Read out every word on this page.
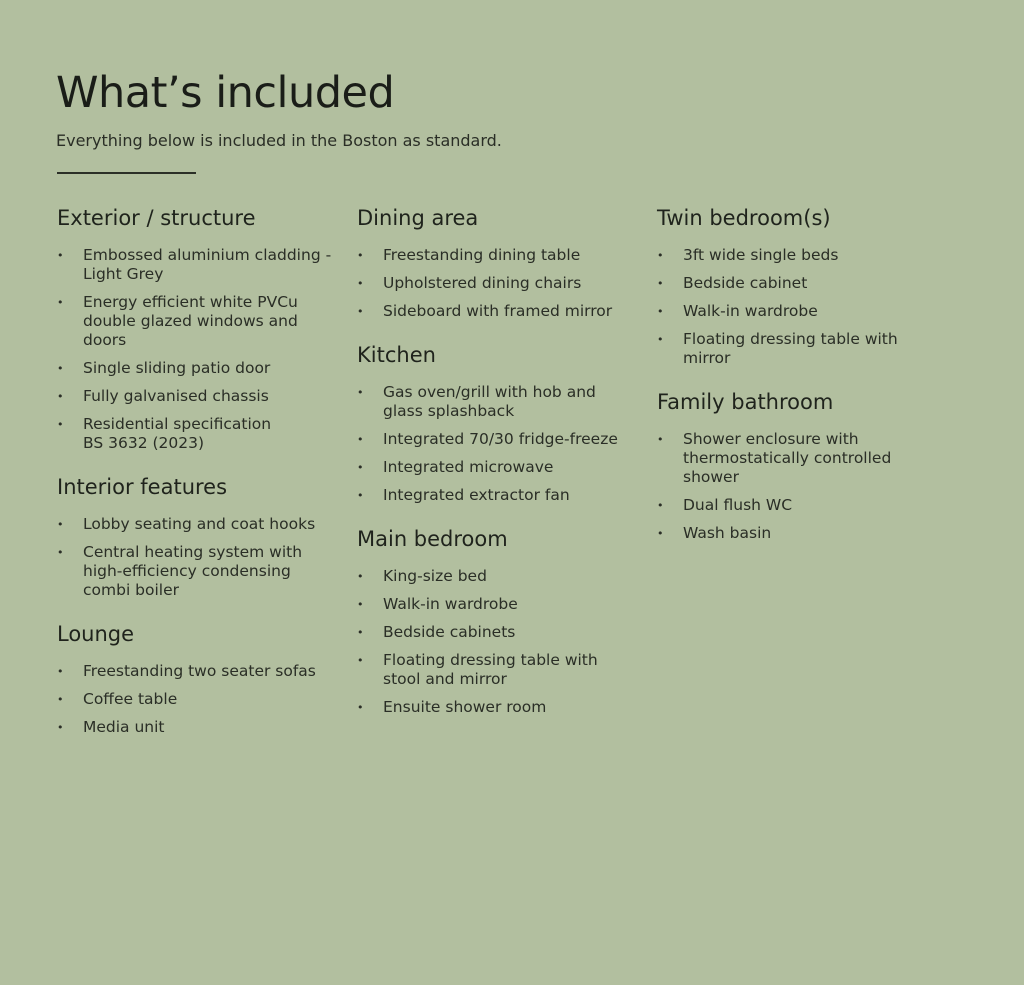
What’s included

Everything below is included in the Boston as standard.

Exterior / structure
• Embossed aluminium cladding -
Light Grey
• Energy efficient white PVCu
double glazed windows and
doors
• Single sliding patio door
• Fully galvanised chassis
• Residential specification
BS 3632 (2023)
Interior features
• Lobby seating and coat hooks
• Central heating system with
high-efficiency condensing
combi boiler
Lounge
• Freestanding two seater sofas
• Coffee table
• Media unit
Dining area
• Freestanding dining table
• Upholstered dining chairs
• Sideboard with framed mirror
Kitchen
• Gas oven/grill with hob and
glass splashback
• Integrated 70/30 fridge-freeze
• Integrated microwave
• Integrated extractor fan
Main bedroom
• King-size bed
• Walk-in wardrobe
• Bedside cabinets
• Floating dressing table with
stool and mirror
• Ensuite shower room
Twin bedroom(s)
• 3ft wide single beds
• Bedside cabinet
• Walk-in wardrobe
• Floating dressing table with
mirror
Family bathroom
• Shower enclosure with
thermostatically controlled
shower
• Dual flush WC
• Wash basin
